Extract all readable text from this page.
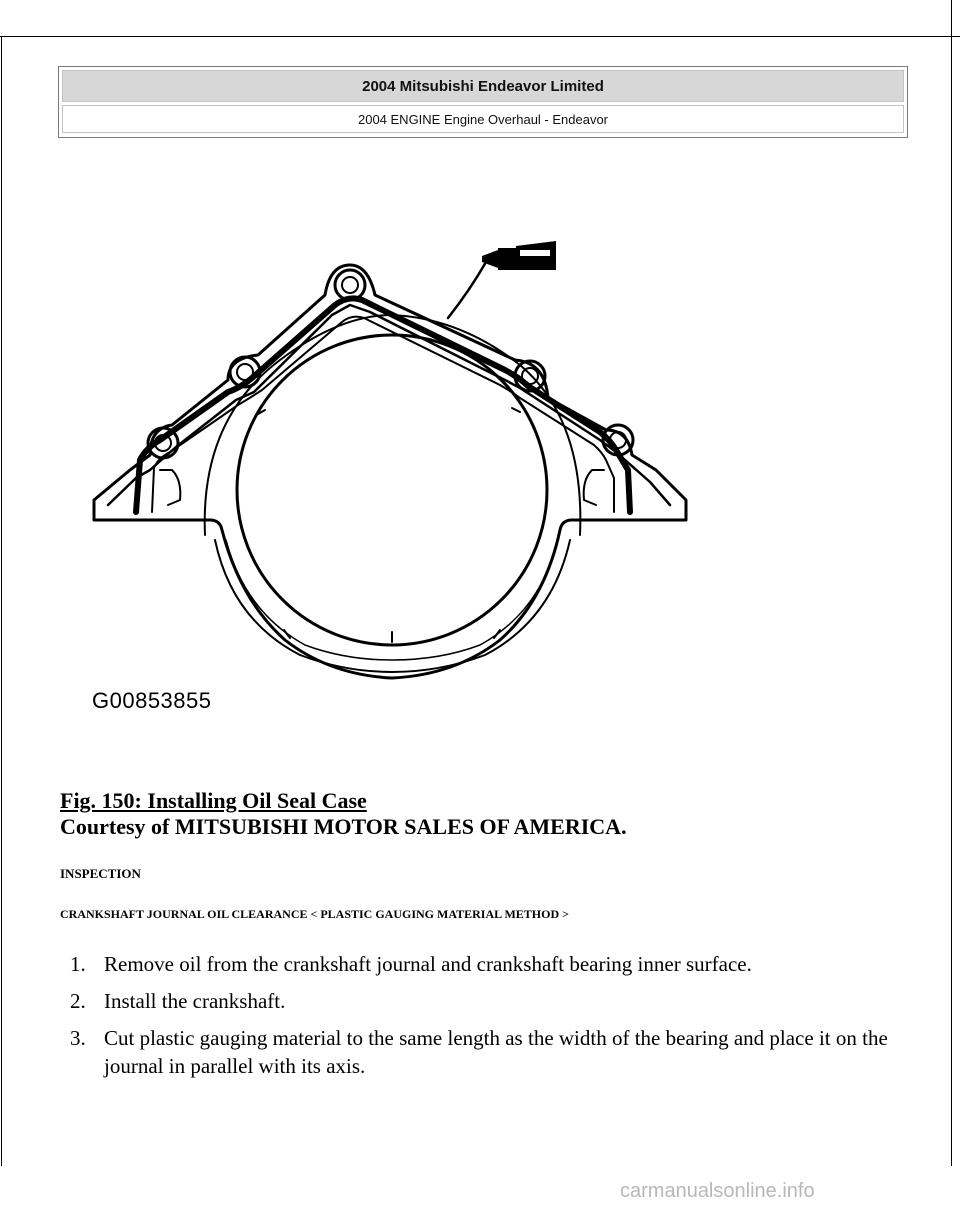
2004 Mitsubishi Endeavor Limited
2004 ENGINE Engine Overhaul - Endeavor
G00853855
Fig. 150: Installing Oil Seal Case
Courtesy of MITSUBISHI MOTOR SALES OF AMERICA.
INSPECTION
CRANKSHAFT JOURNAL OIL CLEARANCE < PLASTIC GAUGING MATERIAL METHOD >
1. Remove oil from the crankshaft journal and crankshaft bearing inner surface.
2. Install the crankshaft.
3. Cut plastic gauging material to the same length as the width of the bearing and place it on the journal in parallel with its axis.
carmanualsonline.info
